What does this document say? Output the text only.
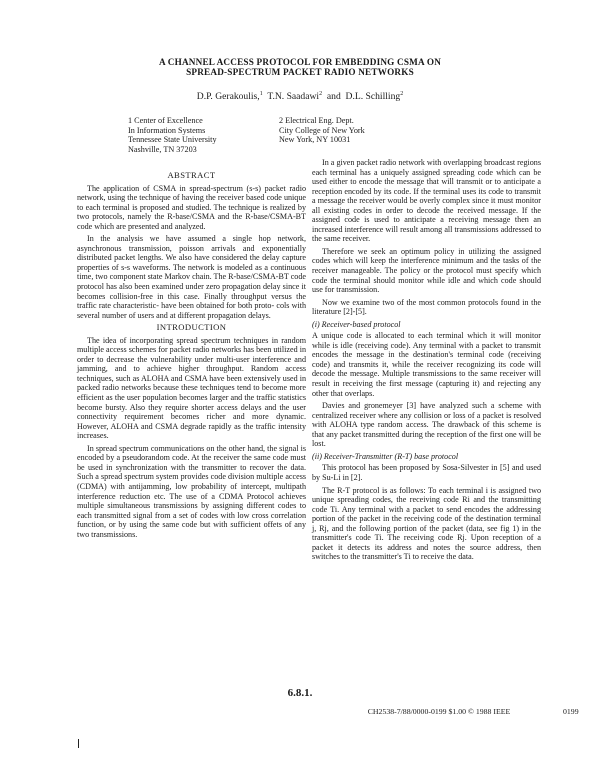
A CHANNEL ACCESS PROTOCOL FOR EMBEDDING CSMA ON
SPREAD-SPECTRUM PACKET RADIO NETWORKS
D.P. Gerakoulis,$^1$ T.N. Saadawi$^2$ and D.L. Schilling$^2$
1 Center of Excellence
In Information Systems
Tennessee State University
Nashville, TN 37203
2 Electrical Eng. Dept.
City College of New York
New York, NY 10031
ABSTRACT

The application of CSMA in spread-spectrum (s-s) packet radio network, using the technique of having the receiver based code unique to each terminal is proposed and studied. The technique is realized by two protocols, namely the R-base/CSMA and the R-base/CSMA-BT code which are presented and analyzed.

In the analysis we have assumed a single hop network, asynchronous transmission, poisson arrivals and exponentially distributed packet lengths. We also have considered the delay capture properties of s-s waveforms. The network is modeled as a continuous time, two component state Markov chain. The R-base/CSMA-BT code protocol has also been examined under zero propagation delay since it becomes collision-free in this case. Finally throughput versus the traffic rate characteristic- have been obtained for both proto- cols with several number of users and at different propagation delays.

INTRODUCTION

The idea of incorporating spread spectrum techniques in random multiple access schemes for packet radio networks has been utilized in order to decrease the vulnerability under multi-user interference and jamming, and to achieve higher throughput. Random access techniques, such as ALOHA and CSMA have been extensively used in packed radio networks because these techniques tend to become more efficient as the user population becomes larger and the traffic statistics become bursty. Also they require shorter access delays and the user connectivity requirement becomes richer and more dynamic. However, ALOHA and CSMA degrade rapidly as the traffic intensity increases.

In spread spectrum communications on the other hand, the signal is encoded by a pseudorandom code. At the receiver the same code must be used in synchronization with the transmitter to recover the data. Such a spread spectrum system provides code division multiple access (CDMA) with antijamming, low probability of intercept, multipath interference reduction etc. The use of a CDMA Protocol achieves multiple simultaneous transmissions by assigning different codes to each transmitted signal from a set of codes with low cross correlation function, or by using the same code but with sufficient offets of any two transmissions.

In a given packet radio network with overlapping broadcast regions each terminal has a uniquely assigned spreading code which can be used either to encode the message that will transmit or to anticipate a reception encoded by its code. If the terminal uses its code to transmit a message the receiver would be overly complex since it must monitor all existing codes in order to decode the received message. If the assigned code is used to anticipate a receiving message then an increased interference will result among all transmissions addressed to the same receiver.

Therefore we seek an optimum policy in utilizing the assigned codes which will keep the interference minimum and the tasks of the receiver manageable. The policy or the protocol must specify which code the terminal should monitor while idle and which code should use for transmission.

Now we examine two of the most common protocols found in the literature [2]-[5].

(i) Receiver-based protocol

A unique code is allocated to each terminal which it will monitor while is idle (receiving code). Any terminal with a packet to transmit encodes the message in the destination's terminal code (receiving code) and transmits it, while the receiver recognizing its code will decode the message. Multiple transmissions to the same receiver will result in receiving the first message (capturing it) and rejecting any other that overlaps.

Davies and gronemeyer [3] have analyzed such a scheme with centralized receiver where any collision or loss of a packet is resolved with ALOHA type random access. The drawback of this scheme is that any packet transmitted during the reception of the first one will be lost.

(ii) Receiver-Transmitter (R-T) base protocol

This protocol has been proposed by Sosa-Silvester in [5] and used by Su-Li in [2].

The R-T protocol is as follows: To each terminal i is assigned two unique spreading codes, the receiving code Ri and the transmitting code Ti. Any terminal with a packet to send encodes the addressing portion of the packet in the receiving code of the destination terminal j, Rj, and the following portion of the packet (data, see fig 1) in the transmitter's code Ti. The receiving code Rj. Upon reception of a packet it detects its address and notes the source address, then switches to the transmitter's Ti to receive the data.

6.8.1.
CH2538-7/88/0000-0199 $1.00 © 1988 IEEE	0199
